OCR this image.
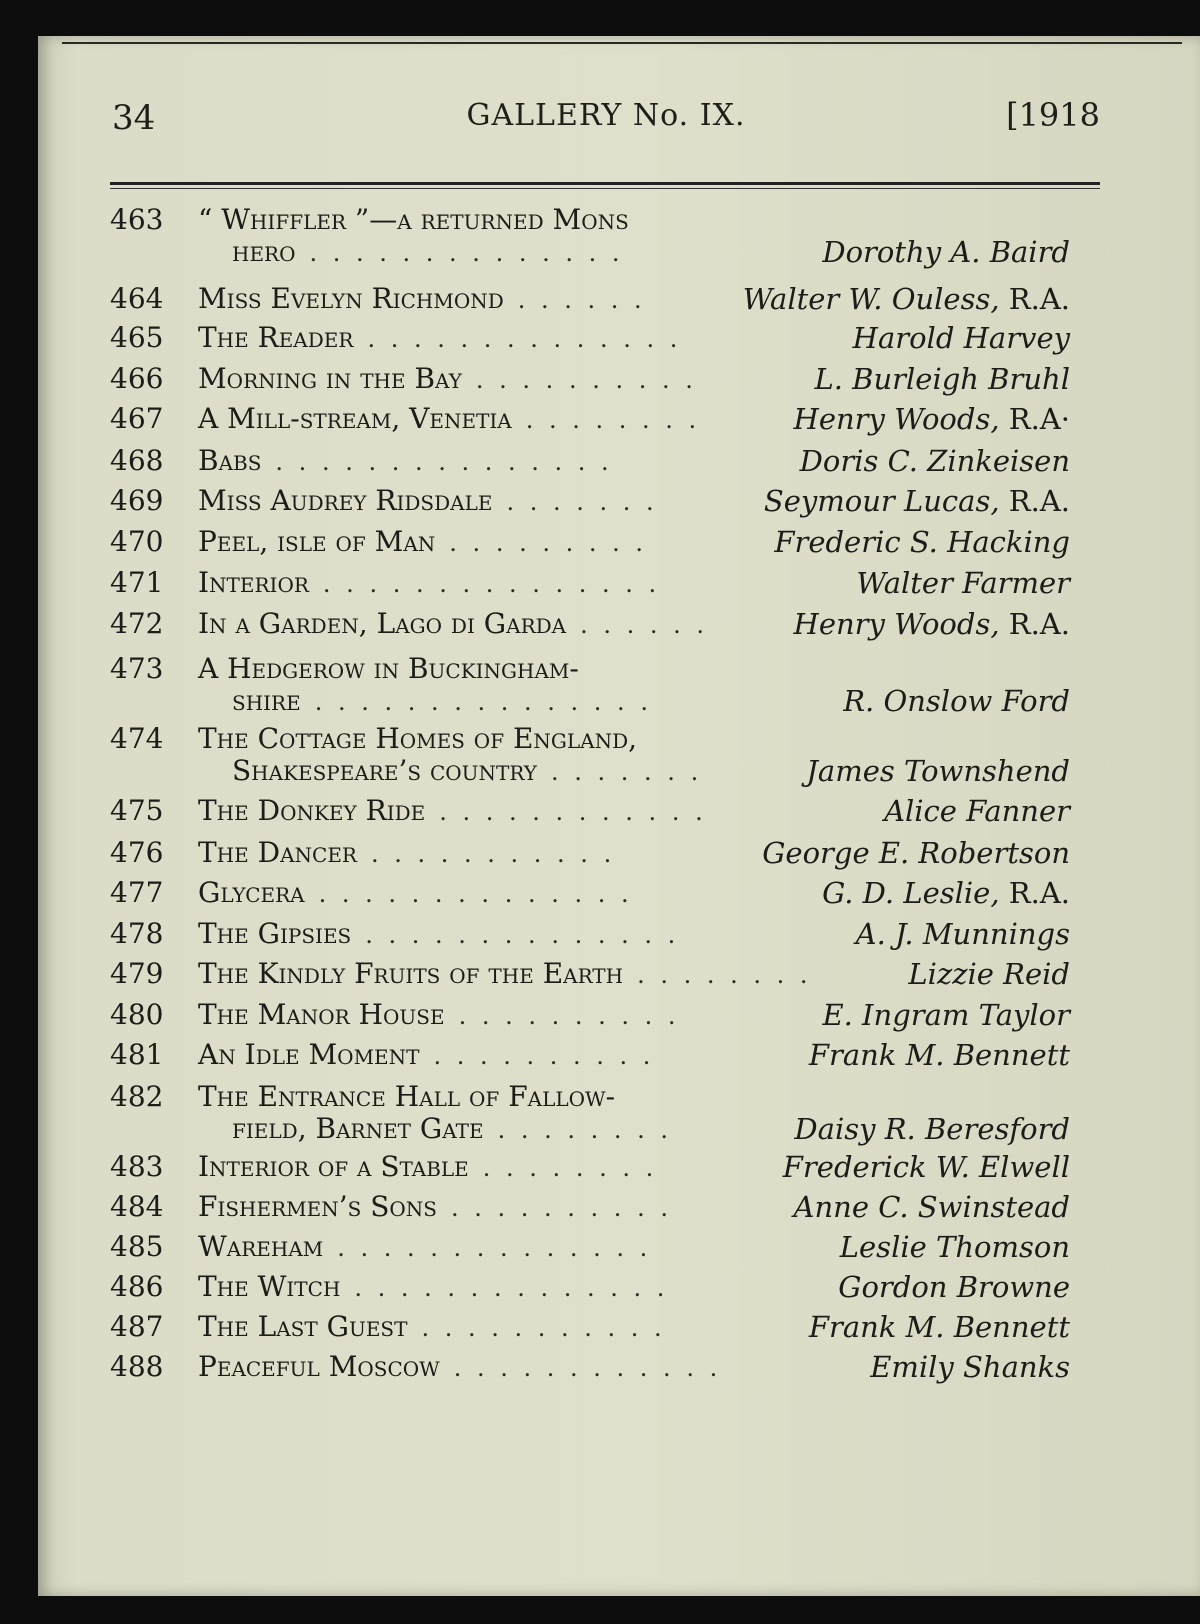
34	GALLERY No. IX.	[1918
463	“ Whiffler ”—a returned Mons
hero . . . . . . . . . . . . . .	Dorothy A. Baird
464	Miss Evelyn Richmond . . . . . .	Walter W. Ouless, R.A.
465	The Reader . . . . . . . . . . . . . .	Harold Harvey
466	Morning in the Bay . . . . . . . . . .	L. Burleigh Bruhl
467	A Mill-stream, Venetia . . . . . . . .	Henry Woods, R.A·
468	Babs . . . . . . . . . . . . . . .	Doris C. Zinkeisen
469	Miss Audrey Ridsdale . . . . . . .	Seymour Lucas, R.A.
470	Peel, ısle of Man . . . . . . . . .	Frederic S. Hacking
471	Interior . . . . . . . . . . . . . . .	Walter Farmer
472	In a Garden, Lago di Garda . . . . . .	Henry Woods, R.A.
473	A Hedgerow in Buckingham-
shire . . . . . . . . . . . . . . .	R. Onslow Ford
474	The Cottage Homes of England,
Shakespeare’s country . . . . . . .	James Townshend
475	The Donkey Ride . . . . . . . . . . . .	Alice Fanner
476	The Dancer . . . . . . . . . . .	George E. Robertson
477	Glycera . . . . . . . . . . . . . .	G. D. Leslie, R.A.
478	The Gipsies . . . . . . . . . . . . . .	A. J. Munnings
479	The Kindly Fruits of the Earth . . . . . . . .	Lizzie Reid
480	The Manor House . . . . . . . . . .	E. Ingram Taylor
481	An Idle Moment . . . . . . . . . .	Frank M. Bennett
482	The Entrance Hall of Fallow-
field, Barnet Gate . . . . . . . .	Daisy R. Beresford
483	Interior of a Stable . . . . . . . .	Frederick W. Elwell
484	Fishermen’s Sons . . . . . . . . . .	Anne C. Swinstead
485	Wareham . . . . . . . . . . . . . .	Leslie Thomson
486	The Witch . . . . . . . . . . . . . .	Gordon Browne
487	The Last Guest . . . . . . . . . . .	Frank M. Bennett
488	Peaceful Moscow . . . . . . . . . . . .	Emily Shanks
